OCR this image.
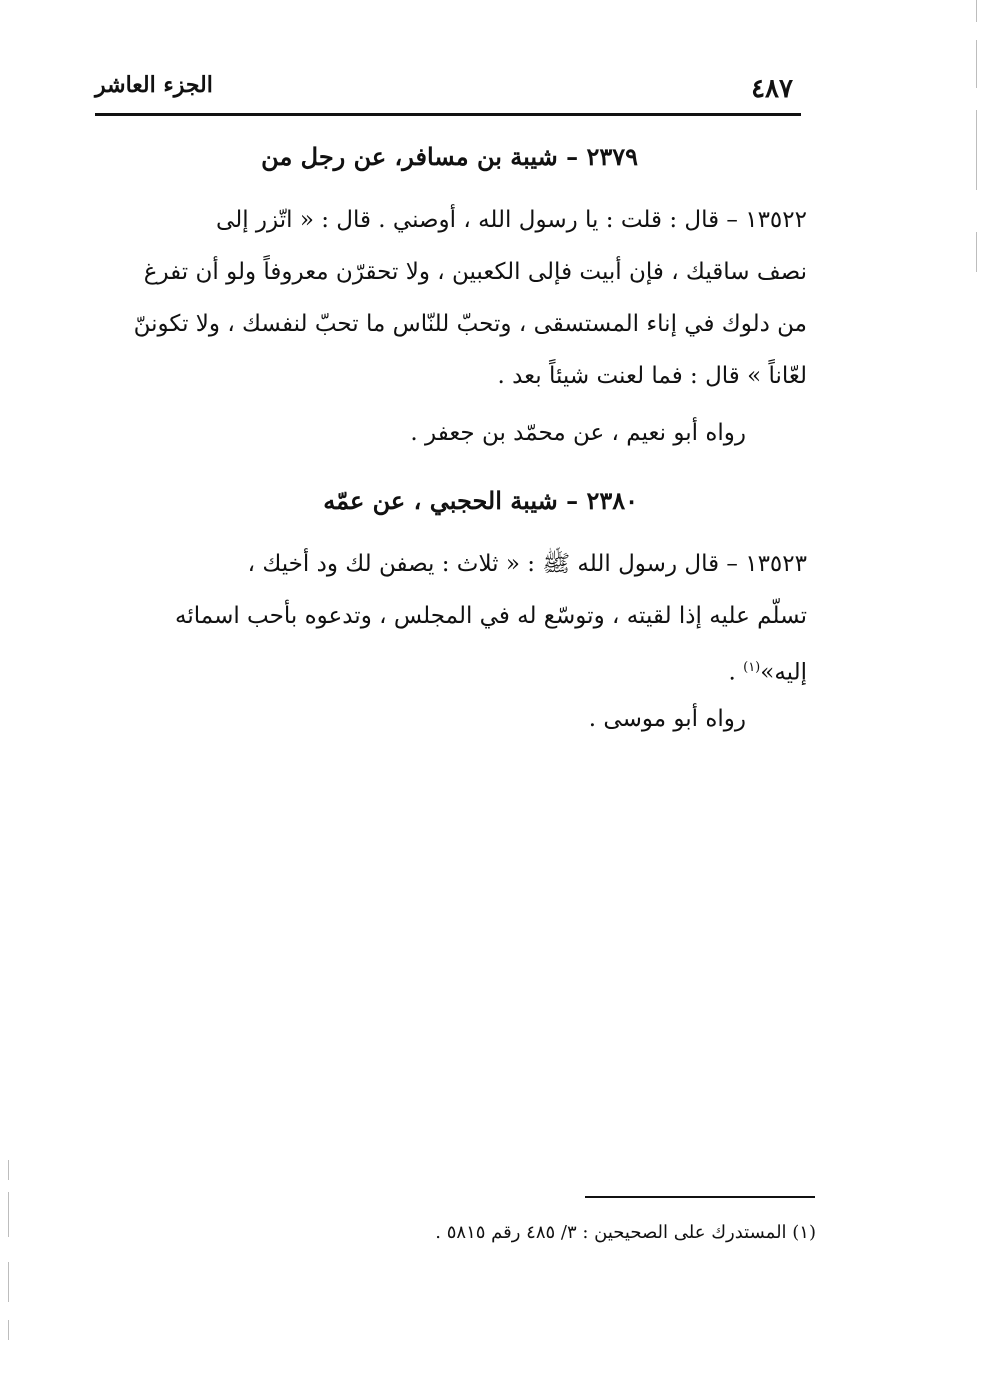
٤٨٧
الجزء العاشر
٢٣٧٩ – شيبة بن مسافر، عن رجل من
١٣٥٢٢ – قال : قلت : يا رسول الله ، أوصني . قال : « اتّزر إلى
نصف ساقيك ، فإن أبيت فإلى الكعبين ، ولا تحقرّن معروفاً ولو أن تفرغ
من دلوك في إناء المستسقى ، وتحبّ للنّاس ما تحبّ لنفسك ، ولا تكوننّ
لعّاناً » قال : فما لعنت شيئاً بعد .
رواه أبو نعيم ، عن محمّد بن جعفر .
٢٣٨٠ – شيبة الحجبي ، عن عمّه
١٣٥٢٣ – قال رسول الله ﷺ : « ثلاث : يصفن لك ود أخيك ،
تسلّم عليه إذا لقيته ، وتوسّع له في المجلس ، وتدعوه بأحب اسمائه
إليه»$^{(١)}$ .
رواه أبو موسى .
(١) المستدرك على الصحيحين : ٣/ ٤٨٥ رقم ٥٨١٥ .
